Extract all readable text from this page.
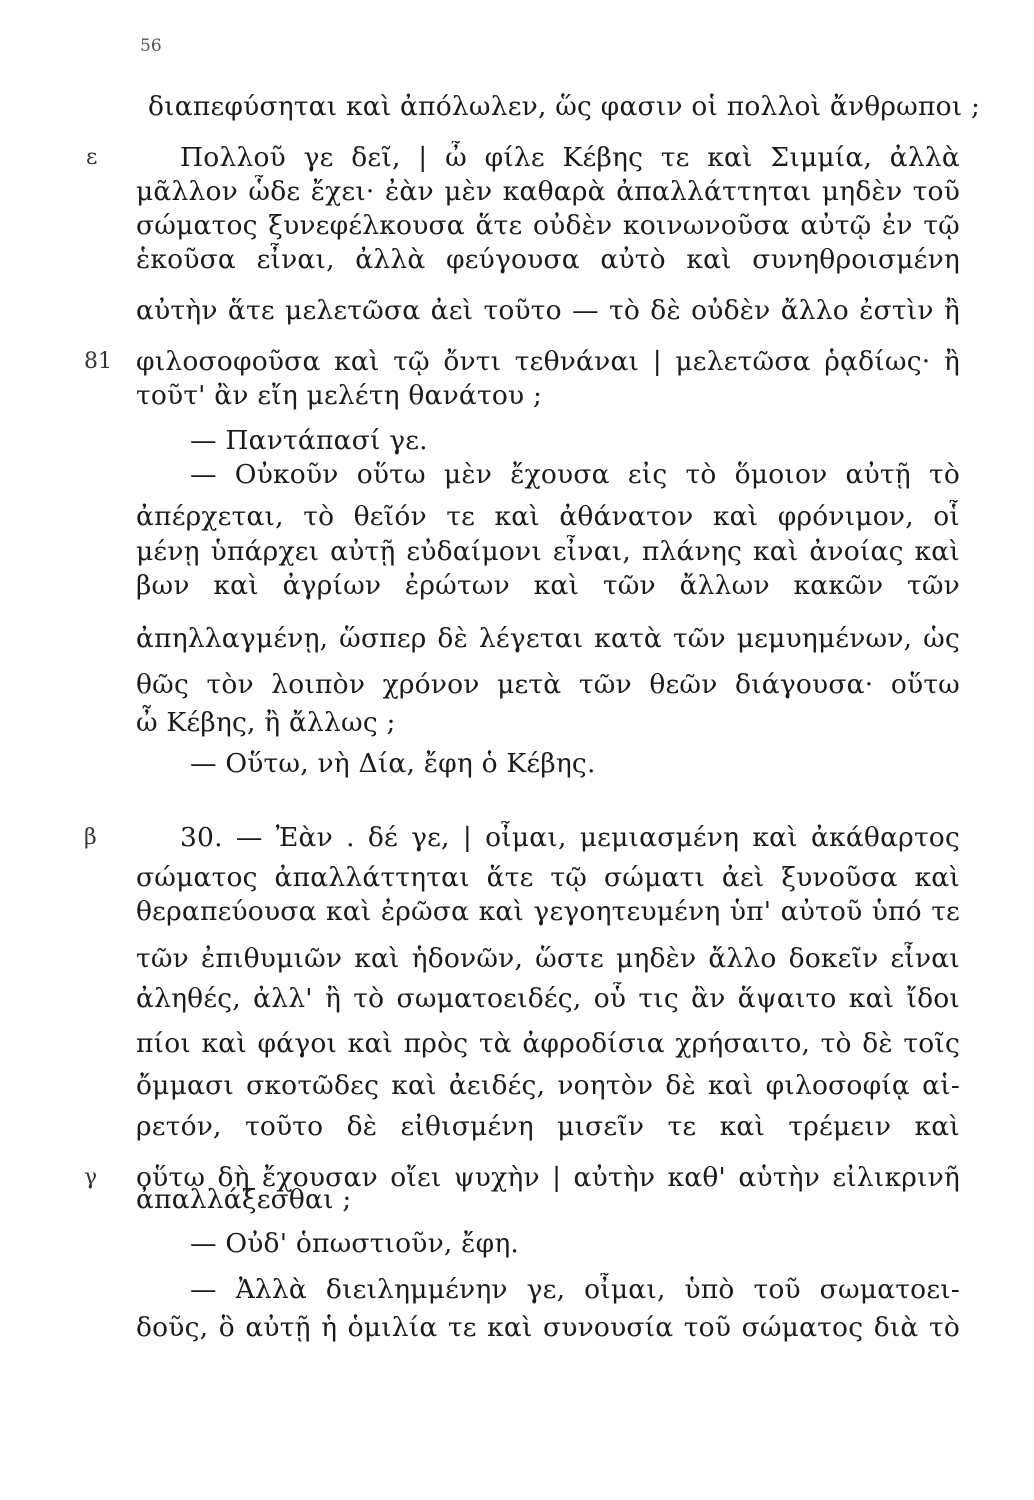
56
ε
81
β
γ
διαπεφύσηται καὶ ἀπόλωλεν, ὥς φασιν οἱ πολλοὶ ἄνθρωποι ;
Πολλοῦ γε δεῖ, | ὦ φίλε Κέβης τε καὶ Σιμμία, ἀλλὰ
μᾶλλον ὧδε ἔχει· ἐὰν μὲν καθαρὰ ἀπαλλάττηται μηδὲν τοῦ
σώματος ξυνεφέλκουσα ἅτε οὐδὲν κοινωνοῦσα αὐτῷ ἐν τῷ
ἑκοῦσα εἶναι, ἀλλὰ φεύγουσα αὐτὸ καὶ συνηθροισμένη
αὐτὴν ἅτε μελετῶσα ἀεὶ τοῦτο — τὸ δὲ οὐδὲν ἄλλο ἐστὶν ἢ
φιλοσοφοῦσα καὶ τῷ ὄντι τεθνάναι | μελετῶσα ῥᾳδίως· ἢ
τοῦτ' ἂν εἴη μελέτη θανάτου ;
— Παντάπασί γε.
— Οὐκοῦν οὕτω μὲν ἔχουσα εἰς τὸ ὅμοιον αὐτῇ τὸ
ἀπέρχεται, τὸ θεῖόν τε καὶ ἀθάνατον καὶ φρόνιμον, οἷ
μένῃ ὑπάρχει αὐτῇ εὐδαίμονι εἶναι, πλάνης καὶ ἀνοίας καὶ
βων καὶ ἀγρίων ἐρώτων καὶ τῶν ἄλλων κακῶν τῶν
ἀπηλλαγμένῃ, ὥσπερ δὲ λέγεται κατὰ τῶν μεμυημένων, ὡς
θῶς τὸν λοιπὸν χρόνον μετὰ τῶν θεῶν διάγουσα· οὕτω
ὦ Κέβης, ἢ ἄλλως ;
— Οὕτω, νὴ Δία, ἔφη ὁ Κέβης.
30. — Ἐὰν . δέ γε, | οἶμαι, μεμιασμένη καὶ ἀκάθαρτος
σώματος ἀπαλλάττηται ἅτε τῷ σώματι ἀεὶ ξυνοῦσα καὶ
θεραπεύουσα καὶ ἐρῶσα καὶ γεγοητευμένη ὑπ' αὐτοῦ ὑπό τε
τῶν ἐπιθυμιῶν καὶ ἡδονῶν, ὥστε μηδὲν ἄλλο δοκεῖν εἶναι
ἀληθές, ἀλλ' ἢ τὸ σωματοειδές, οὗ τις ἂν ἅψαιτο καὶ ἴδοι
πίοι καὶ φάγοι καὶ πρὸς τὰ ἀφροδίσια χρήσαιτο, τὸ δὲ τοῖς
ὄμμασι σκοτῶδες καὶ ἀειδές, νοητὸν δὲ καὶ φιλοσοφίᾳ αἱ-
ρετόν, τοῦτο δὲ εἰθισμένη μισεῖν τε καὶ τρέμειν καὶ
οὕτω δὴ ἔχουσαν οἴει ψυχὴν | αὐτὴν καθ' αὑτὴν εἰλικρινῆ
ἀπαλλάξεσθαι ;
— Οὐδ' ὁπωστιοῦν, ἔφη.
— Ἀλλὰ διειλημμένην γε, οἶμαι, ὑπὸ τοῦ σωματοει-
δοῦς, ὃ αὐτῇ ἡ ὁμιλία τε καὶ συνουσία τοῦ σώματος διὰ τὸ
